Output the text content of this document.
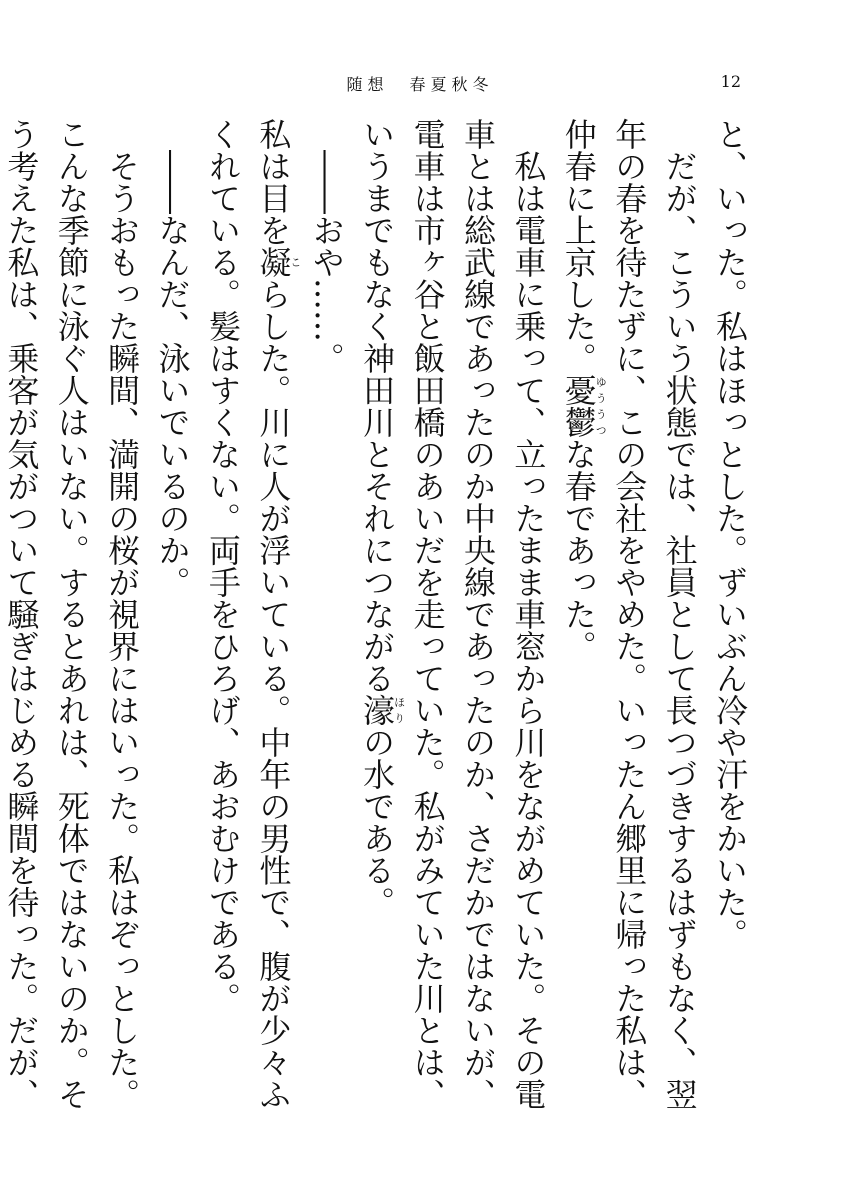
随想　春夏秋冬	12

と、いった。私はほっとした。ずいぶん冷や汗をかいた。

だが、こういう状態では、社員として長つづきするはずもなく、翌年の春を待たずに、この会社をやめた。いったん郷里に帰った私は、仲春に上京した。憂鬱ゆううつな春であった。

私は電車に乗って、立ったまま車窓から川をながめていた。その電車とは総武線であったのか中央線であったのか、さだかではないが、電車は市ヶ谷と飯田橋のあいだを走っていた。私がみていた川とは、いうまでもなく神田川とそれにつながる濠ほりの水である。

――おや……。

私は目を凝こらした。川に人が浮いている。中年の男性で、腹が少々ふくれている。髪はすくない。両手をひろげ、あおむけである。

――なんだ、泳いでいるのか。

そうおもった瞬間、満開の桜が視界にはいった。私はぞっとした。こんな季節に泳ぐ人はいない。するとあれは、死体ではないのか。そう考えた私は、乗客が気がついて騒ぎはじめる瞬間を待った。だが、
